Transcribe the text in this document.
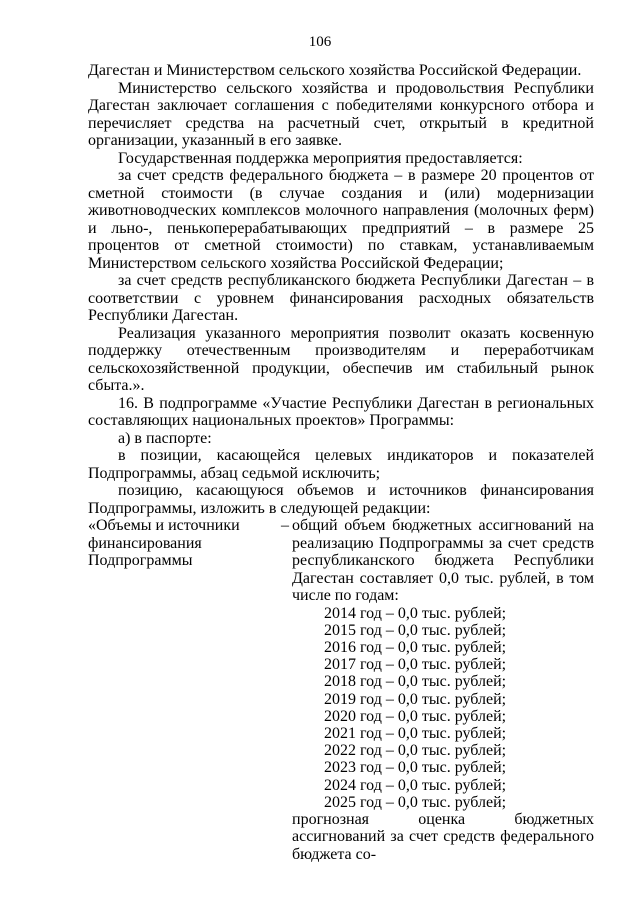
106

Дагестан и Министерством сельского хозяйства Российской Федерации.

Министерство сельского хозяйства и продовольствия Республики Дагестан заключает соглашения с победителями конкурсного отбора и перечисляет средства на расчетный счет, открытый в кредитной организации, указанный в его заявке.

Государственная поддержка мероприятия предоставляется:

за счет средств федерального бюджета – в размере 20 процентов от сметной стоимости (в случае создания и (или) модернизации животноводческих комплексов молочного направления (молочных ферм) и льно-, пенькоперерабатывающих предприятий – в размере 25 процентов от сметной стоимости) по ставкам, устанавливаемым Министерством сельского хозяйства Российской Федерации;

за счет средств республиканского бюджета Республики Дагестан – в соответствии с уровнем финансирования расходных обязательств Республики Дагестан.

Реализация указанного мероприятия позволит оказать косвенную поддержку отечественным производителям и переработчикам сельскохозяйственной продукции, обеспечив им стабильный рынок сбыта.».

16. В подпрограмме «Участие Республики Дагестан в региональных составляющих национальных проектов» Программы:

а) в паспорте:

в позиции, касающейся целевых индикаторов и показателей Подпрограммы, абзац седьмой исключить;

позицию, касающуюся объемов и источников финансирования Подпрограммы, изложить в следующей редакции:

«Объемы и источники финансирования Подпрограммы
– общий объем бюджетных ассигнований на реализацию Подпрограммы за счет средств республиканского бюджета Республики Дагестан составляет 0,0 тыс. рублей, в том числе по годам:
2014 год – 0,0 тыс. рублей;
2015 год – 0,0 тыс. рублей;
2016 год – 0,0 тыс. рублей;
2017 год – 0,0 тыс. рублей;
2018 год – 0,0 тыс. рублей;
2019 год – 0,0 тыс. рублей;
2020 год – 0,0 тыс. рублей;
2021 год – 0,0 тыс. рублей;
2022 год – 0,0 тыс. рублей;
2023 год – 0,0 тыс. рублей;
2024 год – 0,0 тыс. рублей;
2025 год – 0,0 тыс. рублей;
прогнозная оценка бюджетных ассигнований за счет средств федерального бюджета со-
